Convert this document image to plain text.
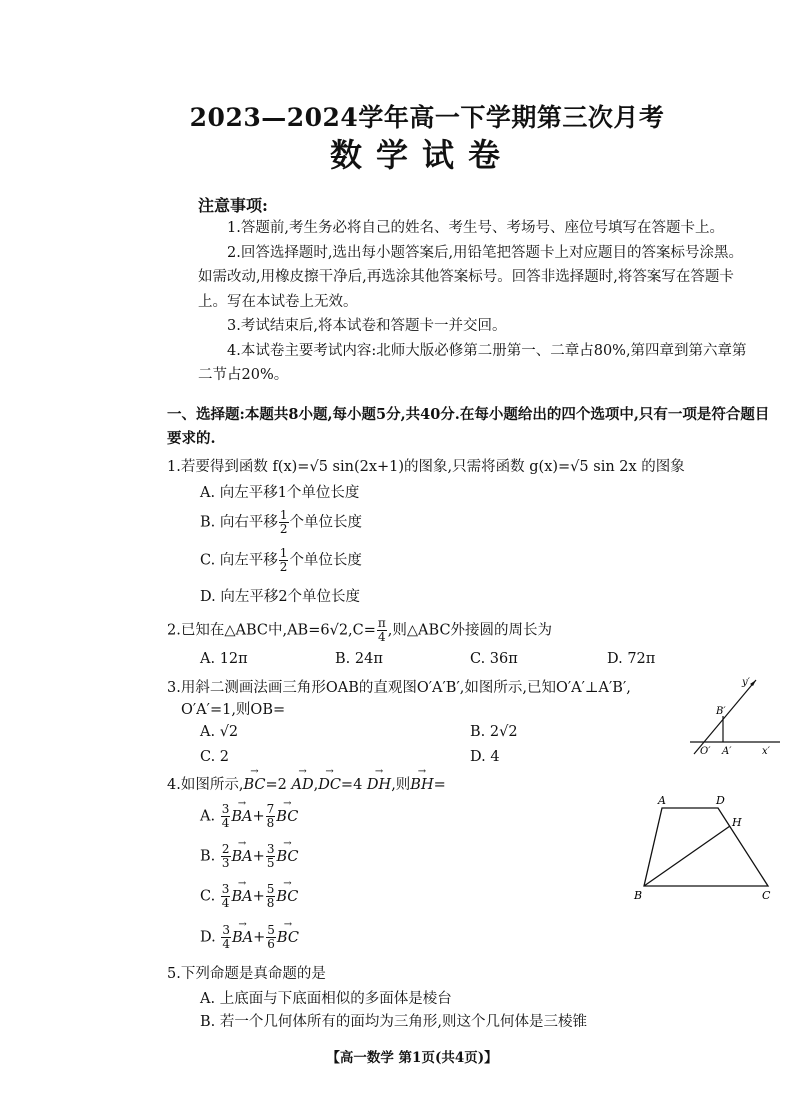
2023—2024学年高一下学期第三次月考
数学试卷
注意事项:

1.答题前,考生务必将自己的姓名、考生号、考场号、座位号填写在答题卡上。

2.回答选择题时,选出每小题答案后,用铅笔把答题卡上对应题目的答案标号涂黑。如需改动,用橡皮擦干净后,再选涂其他答案标号。回答非选择题时,将答案写在答题卡上。写在本试卷上无效。

3.考试结束后,将本试卷和答题卡一并交回。

4.本试卷主要考试内容:北师大版必修第二册第一、二章占80%,第四章到第六章第二节占20%。

一、选择题:本题共8小题,每小题5分,共40分.在每小题给出的四个选项中,只有一项是符合题目要求的.
1.若要得到函数 f(x)=√5 sin(2x+1)的图象,只需将函数 g(x)=√5 sin 2x 的图象
A. 向左平移1个单位长度
B. 向右平移 $\frac{1}{2}$ 个单位长度
C. 向左平移 $\frac{1}{2}$ 个单位长度
D. 向左平移2个单位长度
2.已知在△ABC中$,AB=6√2,C= \frac{\pi}{4}$ ,则△ABC外接圆的周长为
A. 12π	B. 24π	C. 36π	D. 72π
3.用斜二测画法画三角形OAB的直观图O′A′B′,如图所示,已知O′A′⊥A′B′,
O′A′=1,则OB=
A. √2	B. 2√2
C. 2	D. 4
y′
B′
O′ A′	x′
4.如图所示,→ BC=2 → AD,→ DC=4 → DH,则→ BH=
A. $\frac{3}{4}$
→ $BA+ \frac{7}{8}$
→ BC
B. $\frac{2}{3}$
→ $BA+ \frac{3}{5}$
→ BC
C. $\frac{3}{4}$
→ $BA+ \frac{5}{8}$
→ BC
D. $\frac{3}{4}$
→ $BA+ \frac{5}{6}$
→ BC
A	D
H
B	C
5.下列命题是真命题的是
A. 上底面与下底面相似的多面体是棱台
B. 若一个几何体所有的面均为三角形,则这个几何体是三棱锥
【高一数学 第1页(共4页)】
